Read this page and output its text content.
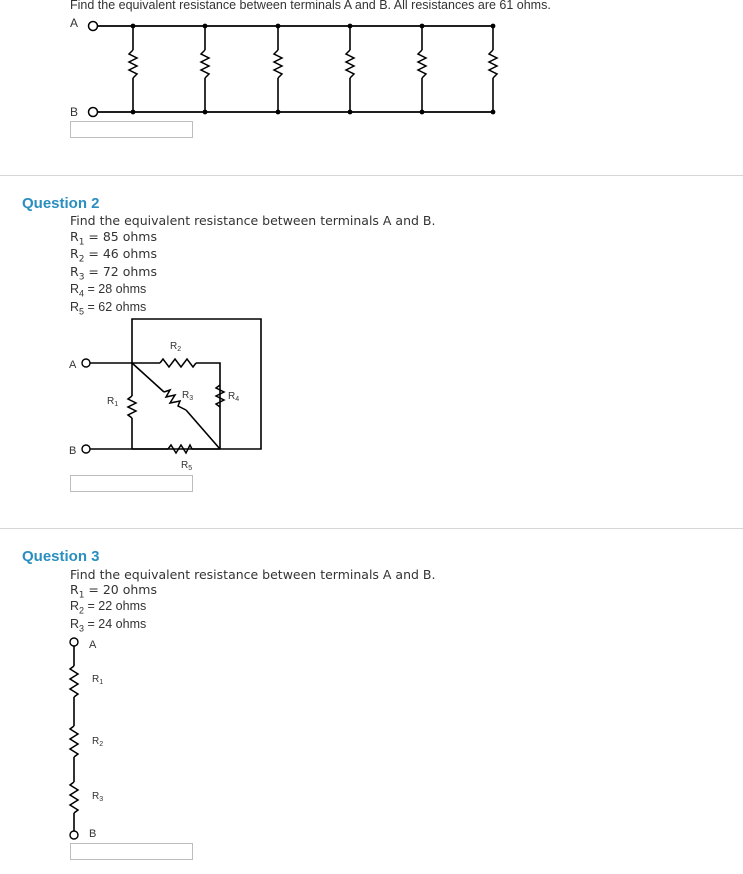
Find the equivalent resistance between terminals A and B. All resistances are 61 ohms.
A
B
Question 2
Find the equivalent resistance between terminals A and B.
$R_1 = 85$ ohms
$R_2 = 46$ ohms
$R_3 = 72$ ohms
$R_4 = 28$ ohms
$R_5 = 62$ ohms
A
B
$R_2$
$R_1$
$R_3$	$R_4$
$R_5$
Question 3
Find the equivalent resistance between terminals A and B.
$R_1 = 20$ ohms
$R_2 = 22$ ohms
$R_3 = 24$ ohms
A
B
$R_1$
$R_2$
$R_3$
